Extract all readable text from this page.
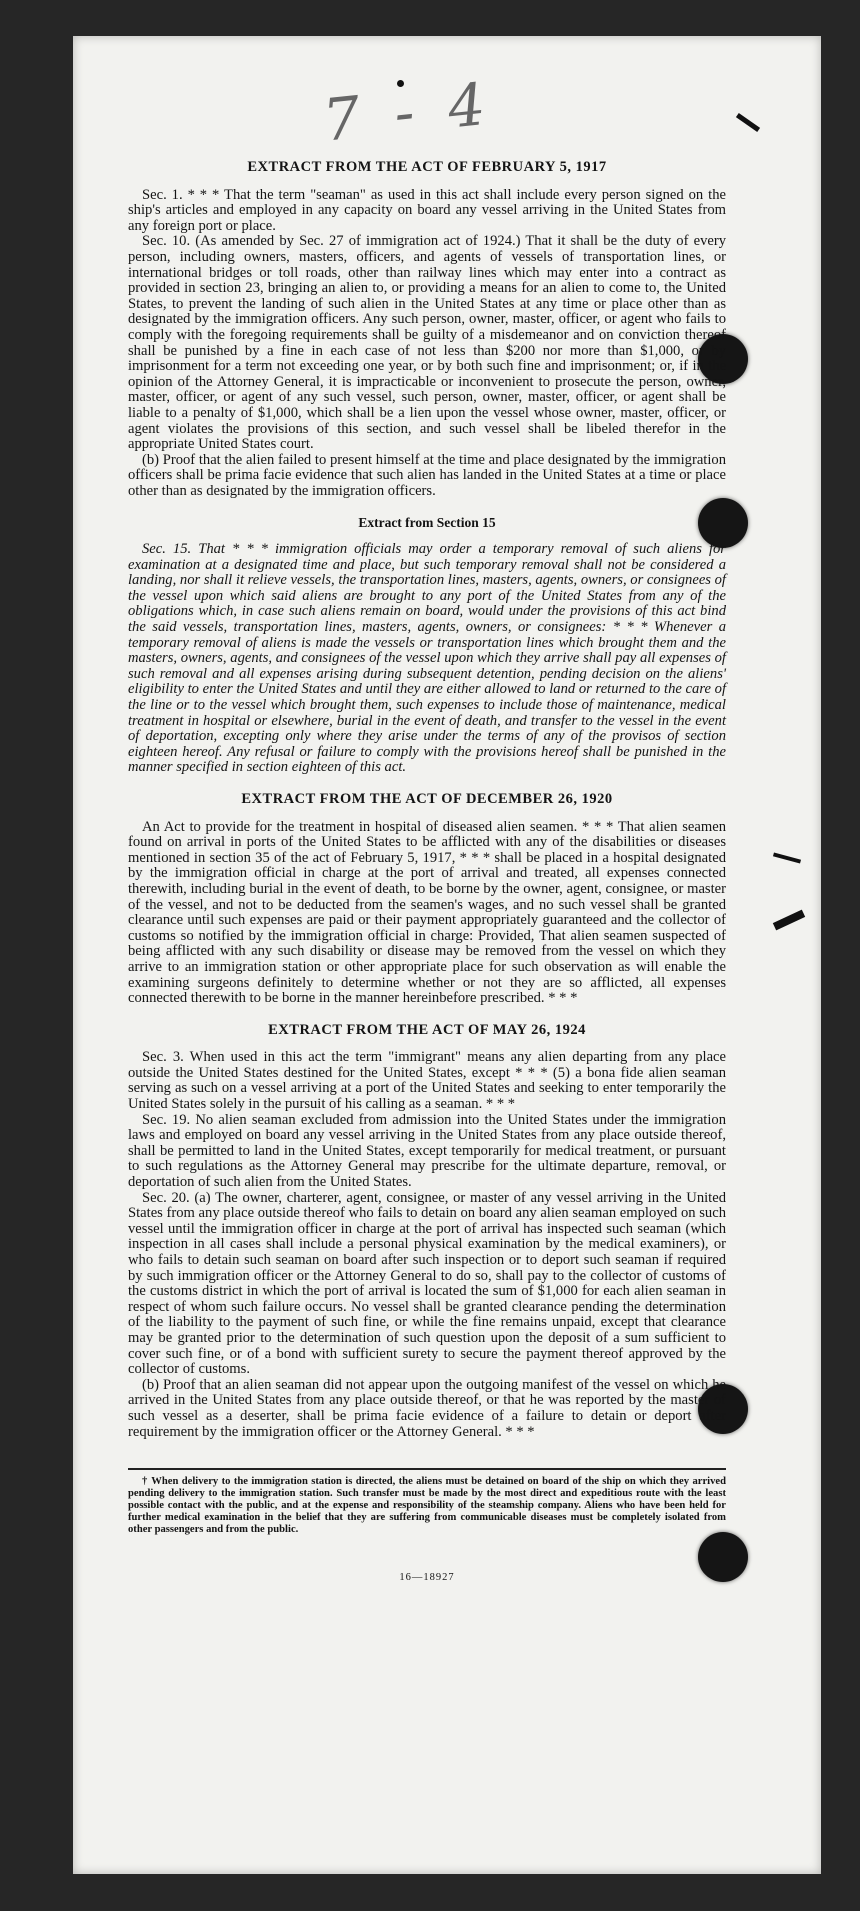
7 - 4
EXTRACT FROM THE ACT OF FEBRUARY 5, 1917

Sec. 1. * * * That the term "seaman" as used in this act shall include every person signed on the ship's articles and employed in any capacity on board any vessel arriving in the United States from any foreign port or place.

Sec. 10. (As amended by Sec. 27 of immigration act of 1924.) That it shall be the duty of every person, including owners, masters, officers, and agents of vessels of transportation lines, or international bridges or toll roads, other than railway lines which may enter into a contract as provided in section 23, bringing an alien to, or providing a means for an alien to come to, the United States, to prevent the landing of such alien in the United States at any time or place other than as designated by the immigration officers. Any such person, owner, master, officer, or agent who fails to comply with the foregoing requirements shall be guilty of a misdemeanor and on conviction thereof shall be punished by a fine in each case of not less than $200 nor more than $1,000, or by imprisonment for a term not exceeding one year, or by both such fine and imprisonment; or, if in the opinion of the Attorney General, it is impracticable or inconvenient to prosecute the person, owner, master, officer, or agent of any such vessel, such person, owner, master, officer, or agent shall be liable to a penalty of $1,000, which shall be a lien upon the vessel whose owner, master, officer, or agent violates the provisions of this section, and such vessel shall be libeled therefor in the appropriate United States court.

(b) Proof that the alien failed to present himself at the time and place designated by the immigration officers shall be prima facie evidence that such alien has landed in the United States at a time or place other than as designated by the immigration officers.

Extract from Section 15

Sec. 15. That * * * immigration officials may order a temporary removal of such aliens for examination at a designated time and place, but such temporary removal shall not be considered a landing, nor shall it relieve vessels, the transportation lines, masters, agents, owners, or consignees of the vessel upon which said aliens are brought to any port of the United States from any of the obligations which, in case such aliens remain on board, would under the provisions of this act bind the said vessels, transportation lines, masters, agents, owners, or consignees: * * * Whenever a temporary removal of aliens is made the vessels or transportation lines which brought them and the masters, owners, agents, and consignees of the vessel upon which they arrive shall pay all expenses of such removal and all expenses arising during subsequent detention, pending decision on the aliens' eligibility to enter the United States and until they are either allowed to land or returned to the care of the line or to the vessel which brought them, such expenses to include those of maintenance, medical treatment in hospital or elsewhere, burial in the event of death, and transfer to the vessel in the event of deportation, excepting only where they arise under the terms of any of the provisos of section eighteen hereof. Any refusal or failure to comply with the provisions hereof shall be punished in the manner specified in section eighteen of this act.

EXTRACT FROM THE ACT OF DECEMBER 26, 1920

An Act to provide for the treatment in hospital of diseased alien seamen. * * * That alien seamen found on arrival in ports of the United States to be afflicted with any of the disabilities or diseases mentioned in section 35 of the act of February 5, 1917, * * * shall be placed in a hospital designated by the immigration official in charge at the port of arrival and treated, all expenses connected therewith, including burial in the event of death, to be borne by the owner, agent, consignee, or master of the vessel, and not to be deducted from the seamen's wages, and no such vessel shall be granted clearance until such expenses are paid or their payment appropriately guaranteed and the collector of customs so notified by the immigration official in charge: Provided, That alien seamen suspected of being afflicted with any such disability or disease may be removed from the vessel on which they arrive to an immigration station or other appropriate place for such observation as will enable the examining surgeons definitely to determine whether or not they are so afflicted, all expenses connected therewith to be borne in the manner hereinbefore prescribed. * * *

EXTRACT FROM THE ACT OF MAY 26, 1924

Sec. 3. When used in this act the term "immigrant" means any alien departing from any place outside the United States destined for the United States, except * * * (5) a bona fide alien seaman serving as such on a vessel arriving at a port of the United States and seeking to enter temporarily the United States solely in the pursuit of his calling as a seaman. * * *

Sec. 19. No alien seaman excluded from admission into the United States under the immigration laws and employed on board any vessel arriving in the United States from any place outside thereof, shall be permitted to land in the United States, except temporarily for medical treatment, or pursuant to such regulations as the Attorney General may prescribe for the ultimate departure, removal, or deportation of such alien from the United States.

Sec. 20. (a) The owner, charterer, agent, consignee, or master of any vessel arriving in the United States from any place outside thereof who fails to detain on board any alien seaman employed on such vessel until the immigration officer in charge at the port of arrival has inspected such seaman (which inspection in all cases shall include a personal physical examination by the medical examiners), or who fails to detain such seaman on board after such inspection or to deport such seaman if required by such immigration officer or the Attorney General to do so, shall pay to the collector of customs of the customs district in which the port of arrival is located the sum of $1,000 for each alien seaman in respect of whom such failure occurs. No vessel shall be granted clearance pending the determination of the liability to the payment of such fine, or while the fine remains unpaid, except that clearance may be granted prior to the determination of such question upon the deposit of a sum sufficient to cover such fine, or of a bond with sufficient surety to secure the payment thereof approved by the collector of customs.

(b) Proof that an alien seaman did not appear upon the outgoing manifest of the vessel on which he arrived in the United States from any place outside thereof, or that he was reported by the master of such vessel as a deserter, shall be prima facie evidence of a failure to detain or deport after requirement by the immigration officer or the Attorney General. * * *

† When delivery to the immigration station is directed, the aliens must be detained on board of the ship on which they arrived pending delivery to the immigration station. Such transfer must be made by the most direct and expeditious route with the least possible contact with the public, and at the expense and responsibility of the steamship company. Aliens who have been held for further medical examination in the belief that they are suffering from communicable diseases must be completely isolated from other passengers and from the public.

16—18927
